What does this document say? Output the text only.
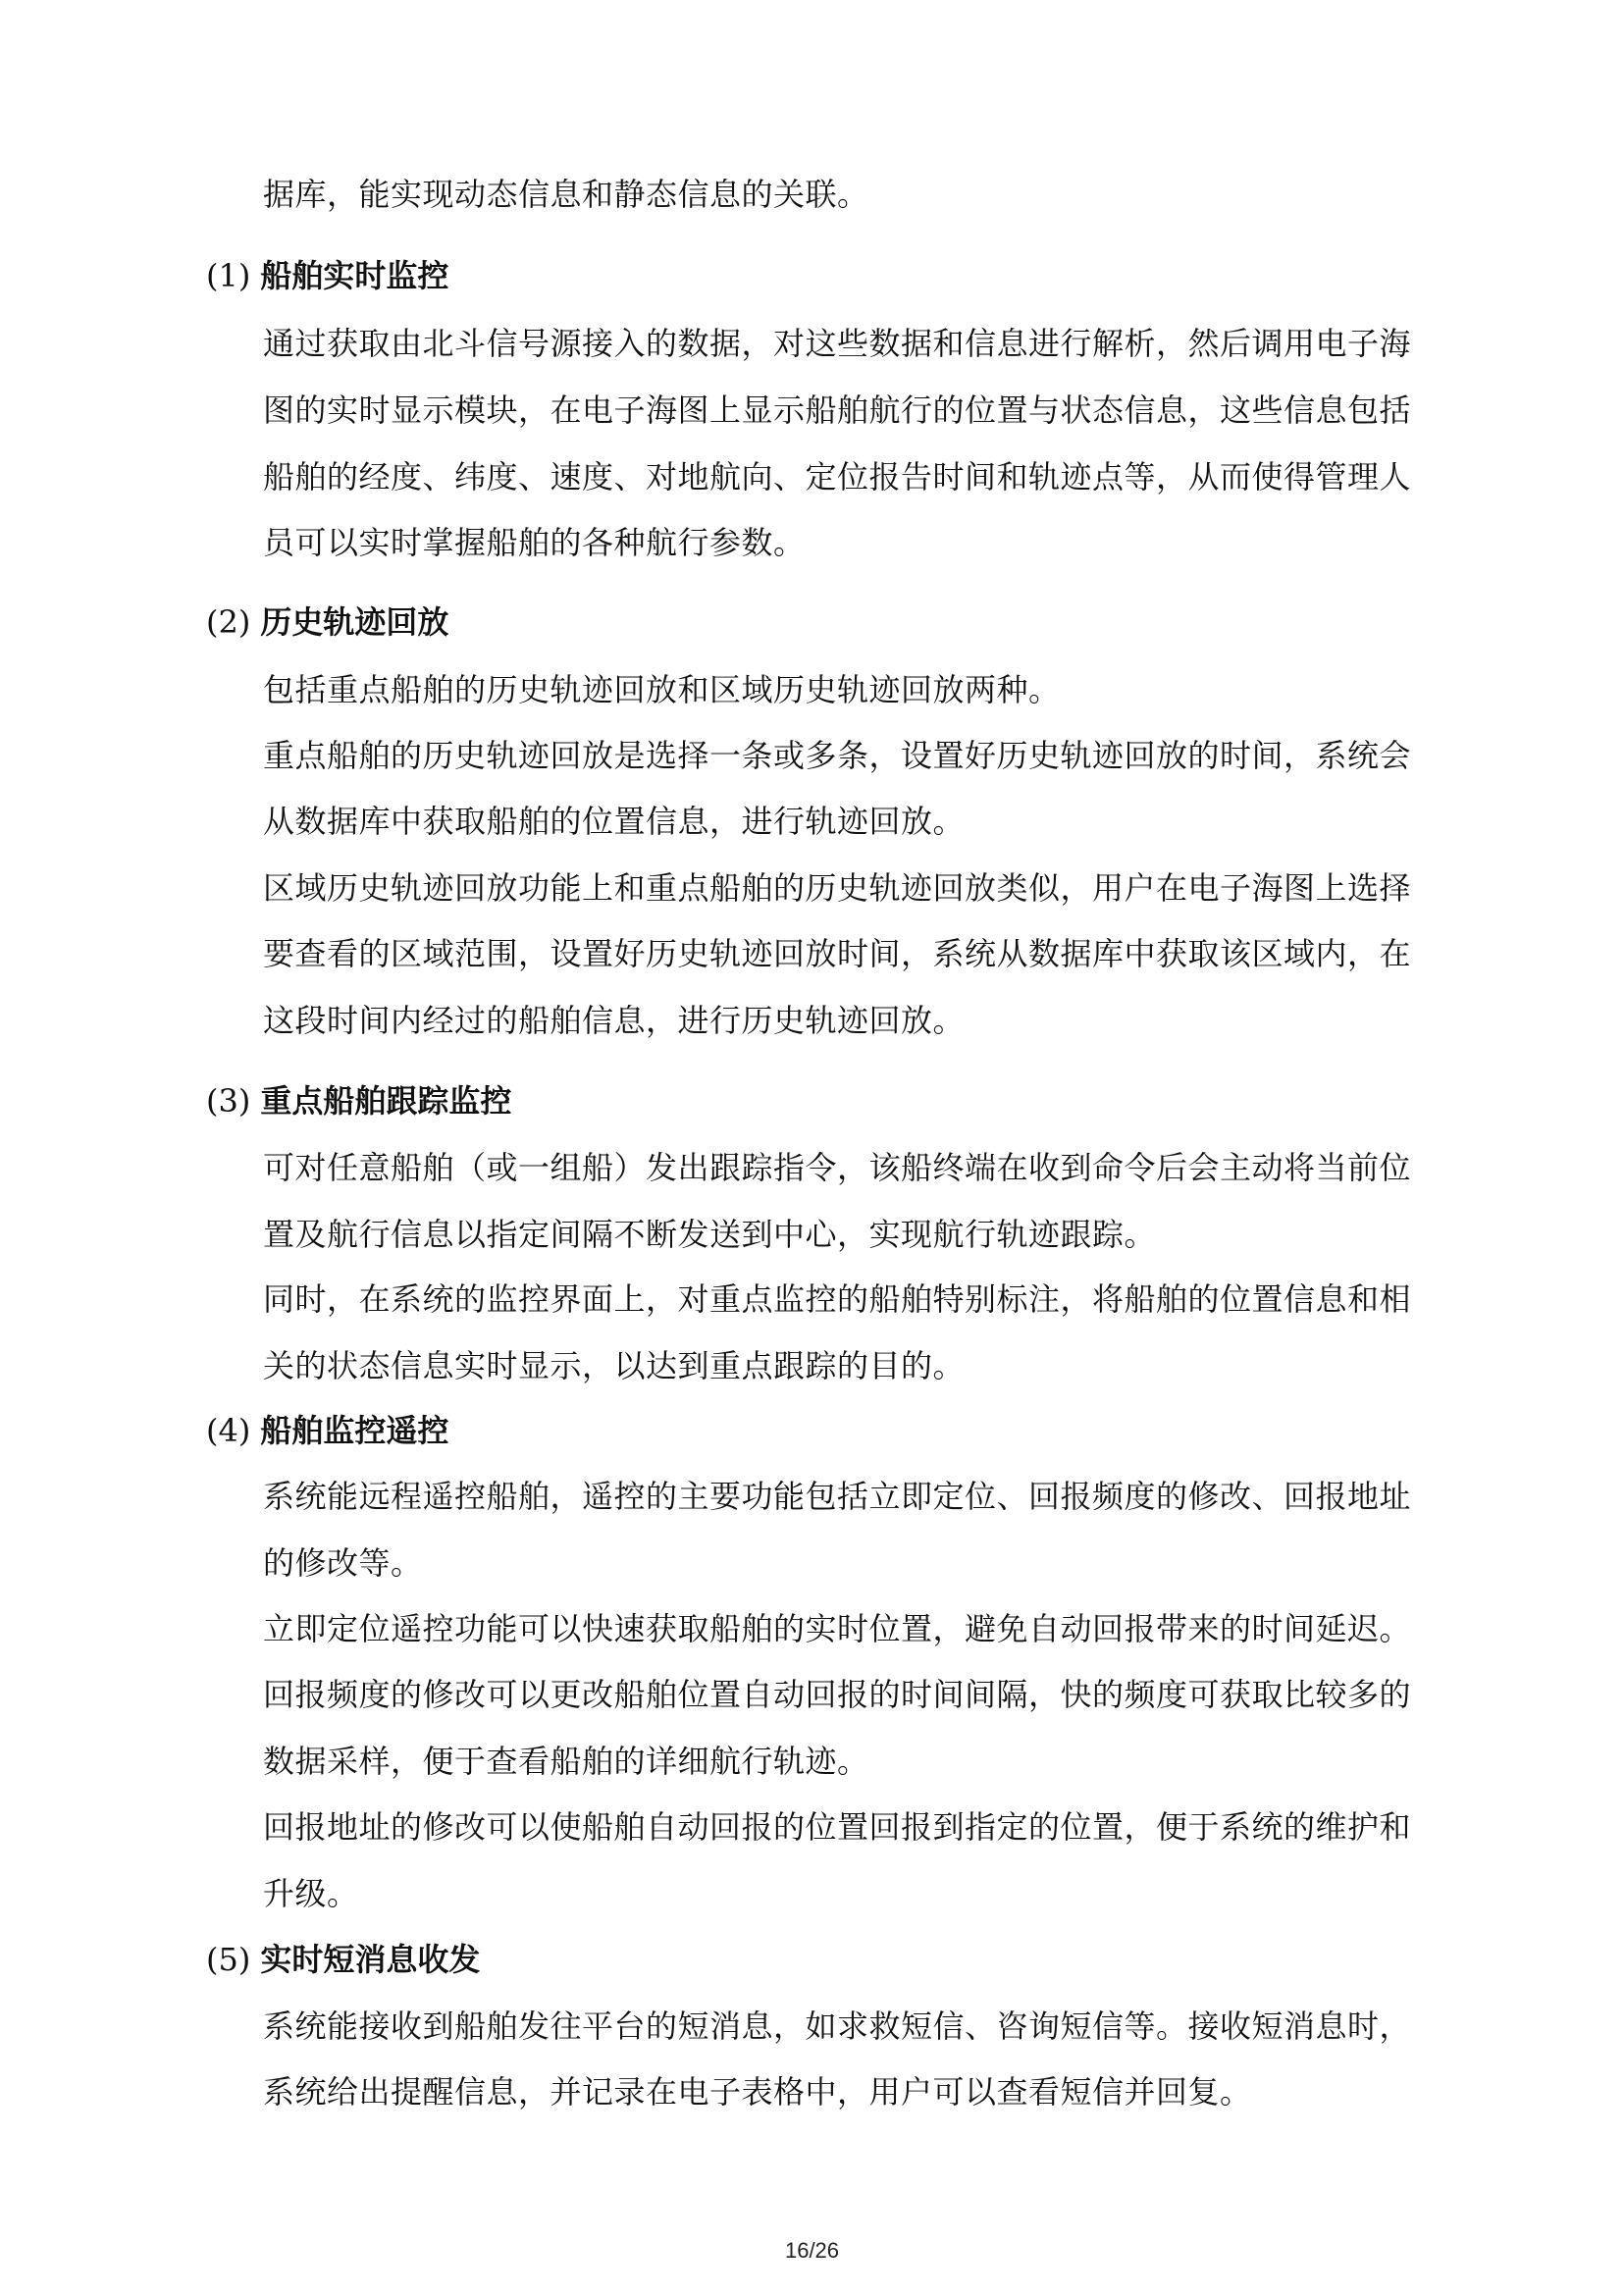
据库，能实现动态信息和静态信息的关联。
(1) 船舶实时监控
通过获取由北斗信号源接入的数据，对这些数据和信息进行解析，然后调用电子海
图的实时显示模块，在电子海图上显示船舶航行的位置与状态信息，这些信息包括
船舶的经度、纬度、速度、对地航向、定位报告时间和轨迹点等，从而使得管理人
员可以实时掌握船舶的各种航行参数。
(2) 历史轨迹回放
包括重点船舶的历史轨迹回放和区域历史轨迹回放两种。
重点船舶的历史轨迹回放是选择一条或多条，设置好历史轨迹回放的时间，系统会
从数据库中获取船舶的位置信息，进行轨迹回放。
区域历史轨迹回放功能上和重点船舶的历史轨迹回放类似，用户在电子海图上选择
要查看的区域范围，设置好历史轨迹回放时间，系统从数据库中获取该区域内，在
这段时间内经过的船舶信息，进行历史轨迹回放。
(3) 重点船舶跟踪监控
可对任意船舶（或一组船）发出跟踪指令，该船终端在收到命令后会主动将当前位
置及航行信息以指定间隔不断发送到中心，实现航行轨迹跟踪。
同时，在系统的监控界面上，对重点监控的船舶特别标注，将船舶的位置信息和相
关的状态信息实时显示，以达到重点跟踪的目的。
(4) 船舶监控遥控
系统能远程遥控船舶，遥控的主要功能包括立即定位、回报频度的修改、回报地址
的修改等。
立即定位遥控功能可以快速获取船舶的实时位置，避免自动回报带来的时间延迟。
回报频度的修改可以更改船舶位置自动回报的时间间隔，快的频度可获取比较多的
数据采样，便于查看船舶的详细航行轨迹。
回报地址的修改可以使船舶自动回报的位置回报到指定的位置，便于系统的维护和
升级。
(5) 实时短消息收发
系统能接收到船舶发往平台的短消息，如求救短信、咨询短信等。接收短消息时，
系统给出提醒信息，并记录在电子表格中，用户可以查看短信并回复。
16/26
